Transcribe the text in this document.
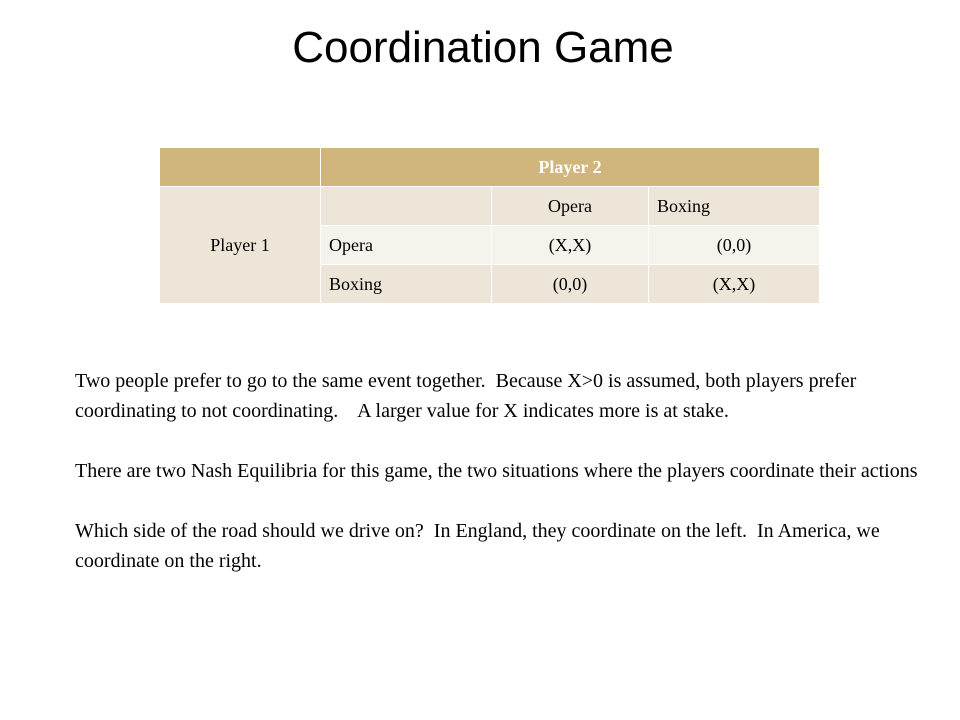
Coordination Game
	Player 2		
Player 1		Opera	Boxing
	Opera	(X,X)	(0,0)
	Boxing	(0,0)	(X,X)

Two people prefer to go to the same event together.  Because X>0 is assumed, both players prefer coordinating to not coordinating.    A larger value for X indicates more is at stake.

There are two Nash Equilibria for this game, the two situations where the players coordinate their actions

Which side of the road should we drive on?  In England, they coordinate on the left.  In America, we coordinate on the right.
